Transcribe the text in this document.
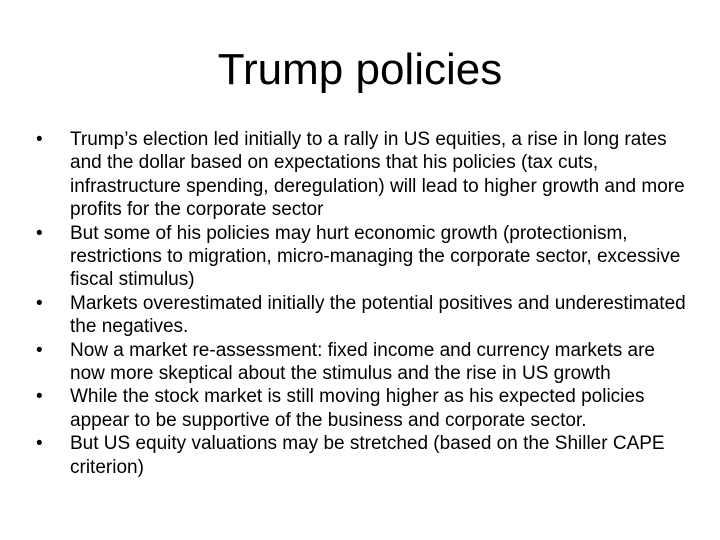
Trump policies
•	Trump’s election led initially to a rally in US equities, a rise in long rates and the dollar based on expectations that his policies (tax cuts, infrastructure spending, deregulation) will lead to higher growth and more profits for the corporate sector
•	But some of his policies may hurt economic growth (protectionism, restrictions to migration, micro-managing the corporate sector, excessive fiscal stimulus)
•	Markets overestimated initially the potential positives and underestimated the negatives.
•	Now a market re-assessment: fixed income and currency markets are now more skeptical about the stimulus and the rise in US growth
•	While the stock market is still moving higher as his expected policies appear to be supportive of the business and corporate sector.
•	But US equity valuations may be stretched (based on the Shiller CAPE criterion)
